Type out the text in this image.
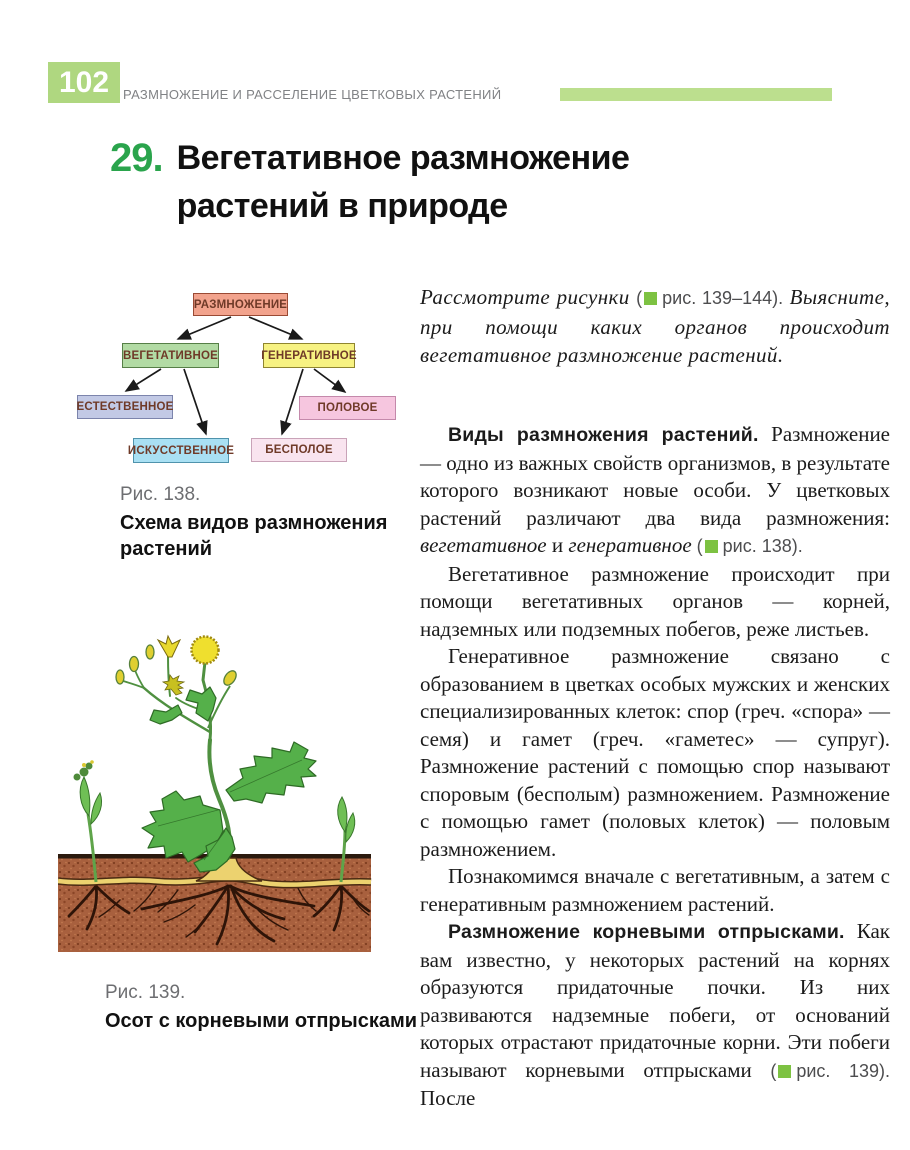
102 РАЗМНОЖЕНИЕ И РАССЕЛЕНИЕ ЦВЕТКОВЫХ РАСТЕНИЙ
29. Вегетативное размножение растений в природе
РАЗМНОЖЕНИЕ
ВЕГЕТАТИВНОЕ	ГЕНЕРАТИВНОЕ
ЕСТЕСТВЕННОЕ
ИСКУССТВЕННОЕ
ПОЛОВОЕ
БЕСПОЛОЕ
Рис. 138.
Схема видов размножения растений
Рис. 139.
Осот с корневыми отпрысками
Рассмотрите рисунки ( рис. 139–144). Выясните, при помощи каких органов происходит вегетативное размножение растений.

Виды размножения растений. Размножение — одно из важных свойств организмов, в результате которого возникают новые особи. У цветковых растений различают два вида размножения: вегетативное и генеративное ( рис. 138).

Вегетативное размножение происходит при помощи вегетативных органов — корней, надземных или подземных побегов, реже листьев.

Генеративное размножение связано с образованием в цветках особых мужских и женских специализированных клеток: спор (греч. «спора» — семя) и гамет (греч. «гаметес» — супруг). Размножение растений с помощью спор называют споровым (бесполым) размножением. Размножение с помощью гамет (половых клеток) — половым размножением.

Познакомимся вначале с вегетативным, а затем с генеративным размножением растений.

Размножение корневыми отпрысками. Как вам известно, у некоторых растений на корнях образуются придаточные почки. Из них развиваются надземные побеги, от оснований которых отрастают придаточные корни. Эти побеги называют корневыми отпрысками ( рис. 139). После
